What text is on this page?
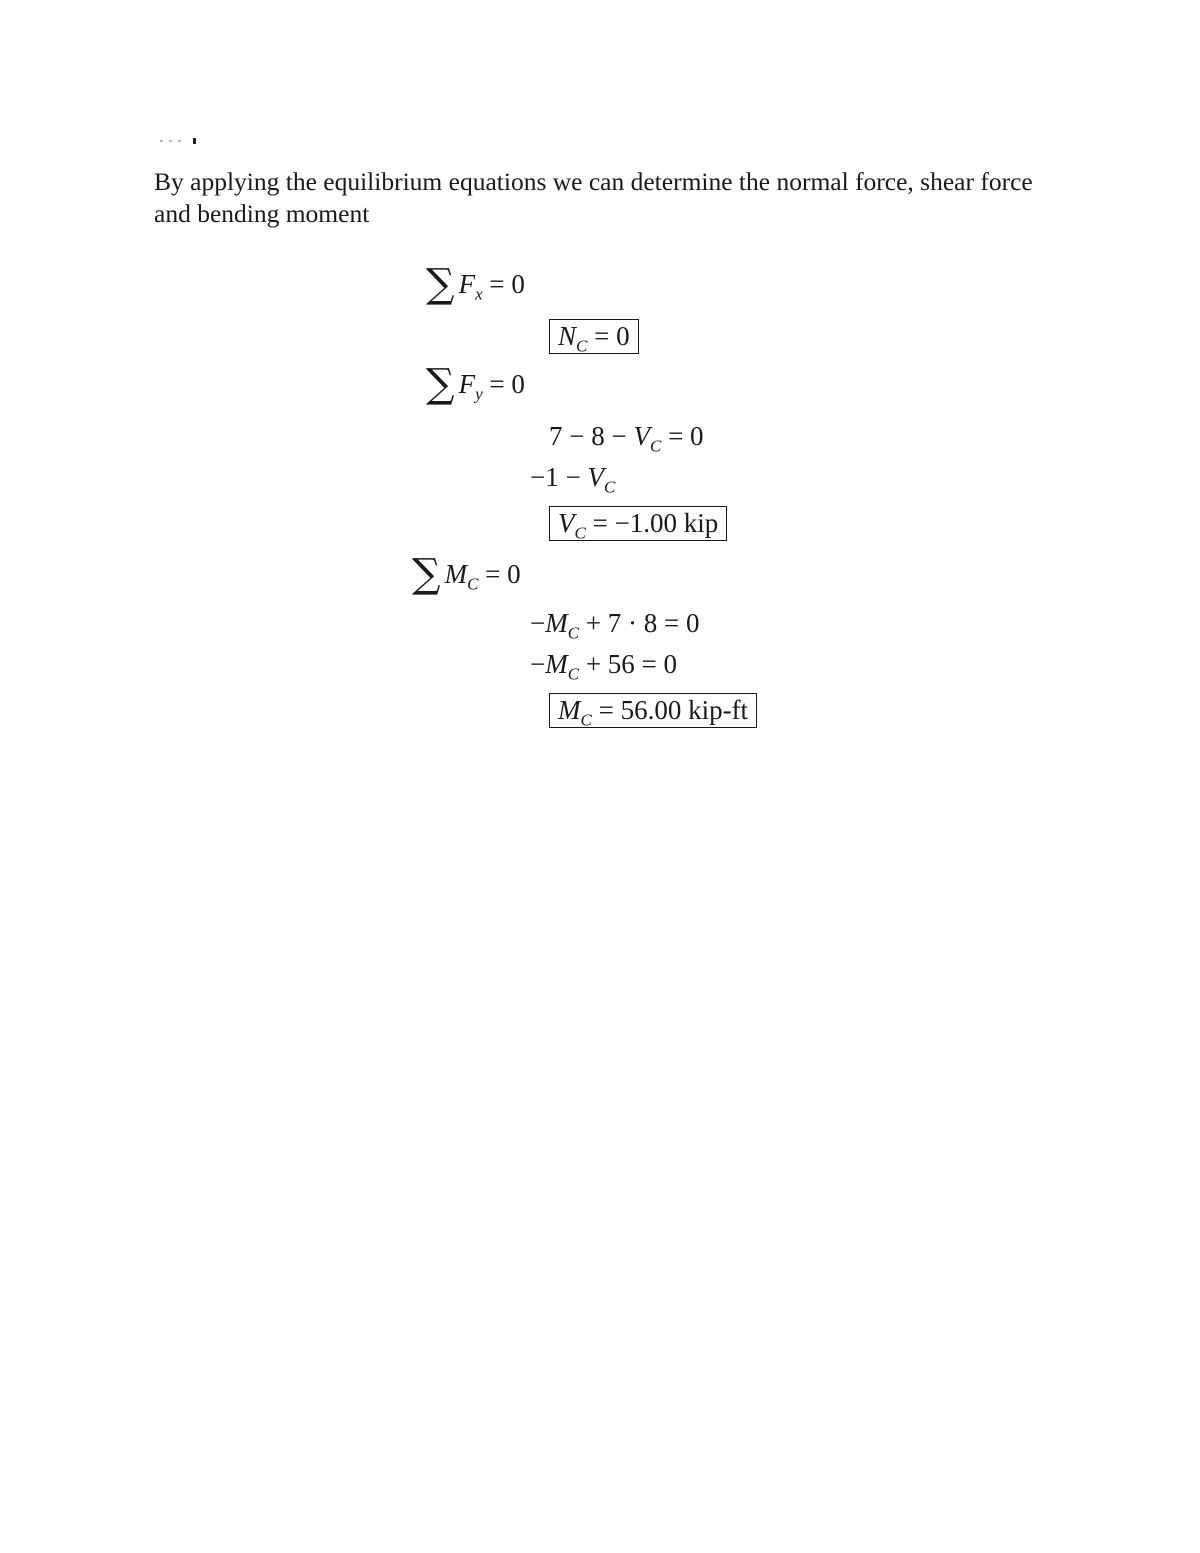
By applying the equilibrium equations we can determine the normal force, shear force and bending moment

∑ $F_x = 0$
$N_C = 0$
∑ $F_y = 0$
$7 - 8 - V_C = 0$
$-1 - V_C$
$V_C = -1.00$ kip
∑ $M_C = 0$
$-M_C + 7 \cdot 8 = 0$
$-M_C + 56 = 0$
$M_C = 56.00$ kip-ft
